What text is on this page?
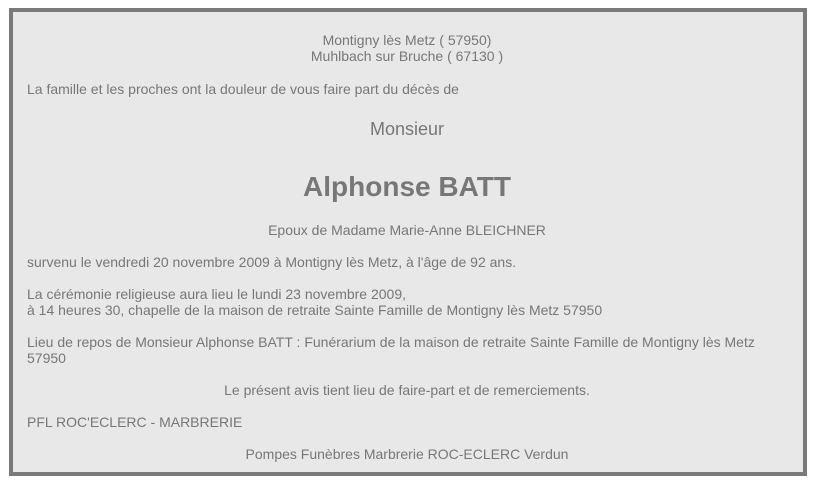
Montigny lès Metz ( 57950)
Muhlbach sur Bruche ( 67130 )
La famille et les proches ont la douleur de vous faire part du décès de
Monsieur
Alphonse BATT
Epoux de Madame Marie-Anne BLEICHNER
survenu le vendredi 20 novembre 2009 à Montigny lès Metz, à l'âge de 92 ans.
La cérémonie religieuse aura lieu le lundi 23 novembre 2009,
à 14 heures 30, chapelle de la maison de retraite Sainte Famille de Montigny lès Metz 57950
Lieu de repos de Monsieur Alphonse BATT : Funérarium de la maison de retraite Sainte Famille de Montigny lès Metz 57950
Le présent avis tient lieu de faire-part et de remerciements.
PFL ROC'ECLERC - MARBRERIE
Pompes Funèbres Marbrerie ROC-ECLERC Verdun
